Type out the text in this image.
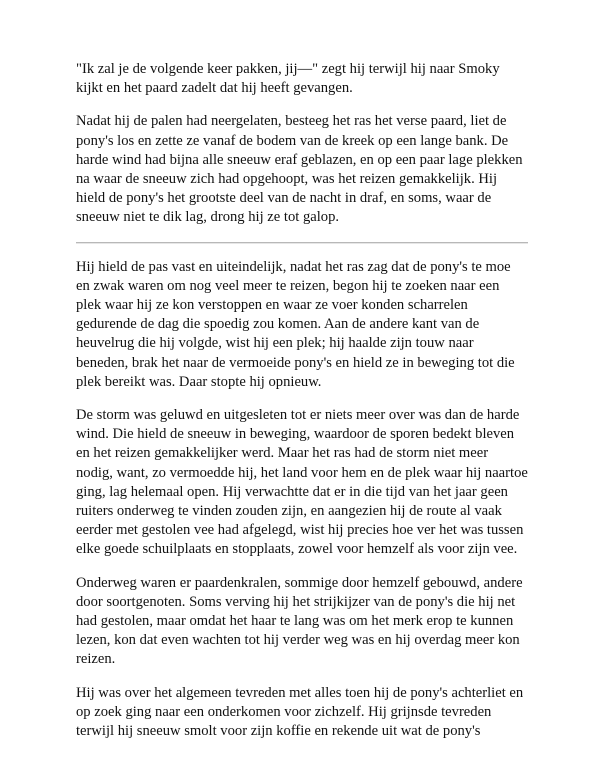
"Ik zal je de volgende keer pakken, jij—" zegt hij terwijl hij naar Smoky kijkt en het paard zadelt dat hij heeft gevangen.

Nadat hij de palen had neergelaten, besteeg het ras het verse paard, liet de pony's los en zette ze vanaf de bodem van de kreek op een lange bank. De harde wind had bijna alle sneeuw eraf geblazen, en op een paar lage plekken na waar de sneeuw zich had opgehoopt, was het reizen gemakkelijk. Hij hield de pony's het grootste deel van de nacht in draf, en soms, waar de sneeuw niet te dik lag, drong hij ze tot galop.

Hij hield de pas vast en uiteindelijk, nadat het ras zag dat de pony's te moe en zwak waren om nog veel meer te reizen, begon hij te zoeken naar een plek waar hij ze kon verstoppen en waar ze voer konden scharrelen gedurende de dag die spoedig zou komen. Aan de andere kant van de heuvelrug die hij volgde, wist hij een plek; hij haalde zijn touw naar beneden, brak het naar de vermoeide pony's en hield ze in beweging tot die plek bereikt was. Daar stopte hij opnieuw.

De storm was geluwd en uitgesleten tot er niets meer over was dan de harde wind. Die hield de sneeuw in beweging, waardoor de sporen bedekt bleven en het reizen gemakkelijker werd. Maar het ras had de storm niet meer nodig, want, zo vermoedde hij, het land voor hem en de plek waar hij naartoe ging, lag helemaal open. Hij verwachtte dat er in die tijd van het jaar geen ruiters onderweg te vinden zouden zijn, en aangezien hij de route al vaak eerder met gestolen vee had afgelegd, wist hij precies hoe ver het was tussen elke goede schuilplaats en stopplaats, zowel voor hemzelf als voor zijn vee.

Onderweg waren er paardenkralen, sommige door hemzelf gebouwd, andere door soortgenoten. Soms verving hij het strijkijzer van de pony's die hij net had gestolen, maar omdat het haar te lang was om het merk erop te kunnen lezen, kon dat even wachten tot hij verder weg was en hij overdag meer kon reizen.

Hij was over het algemeen tevreden met alles toen hij de pony's achterliet en op zoek ging naar een onderkomen voor zichzelf. Hij grijnsde tevreden terwijl hij sneeuw smolt voor zijn koffie en rekende uit wat de pony's
